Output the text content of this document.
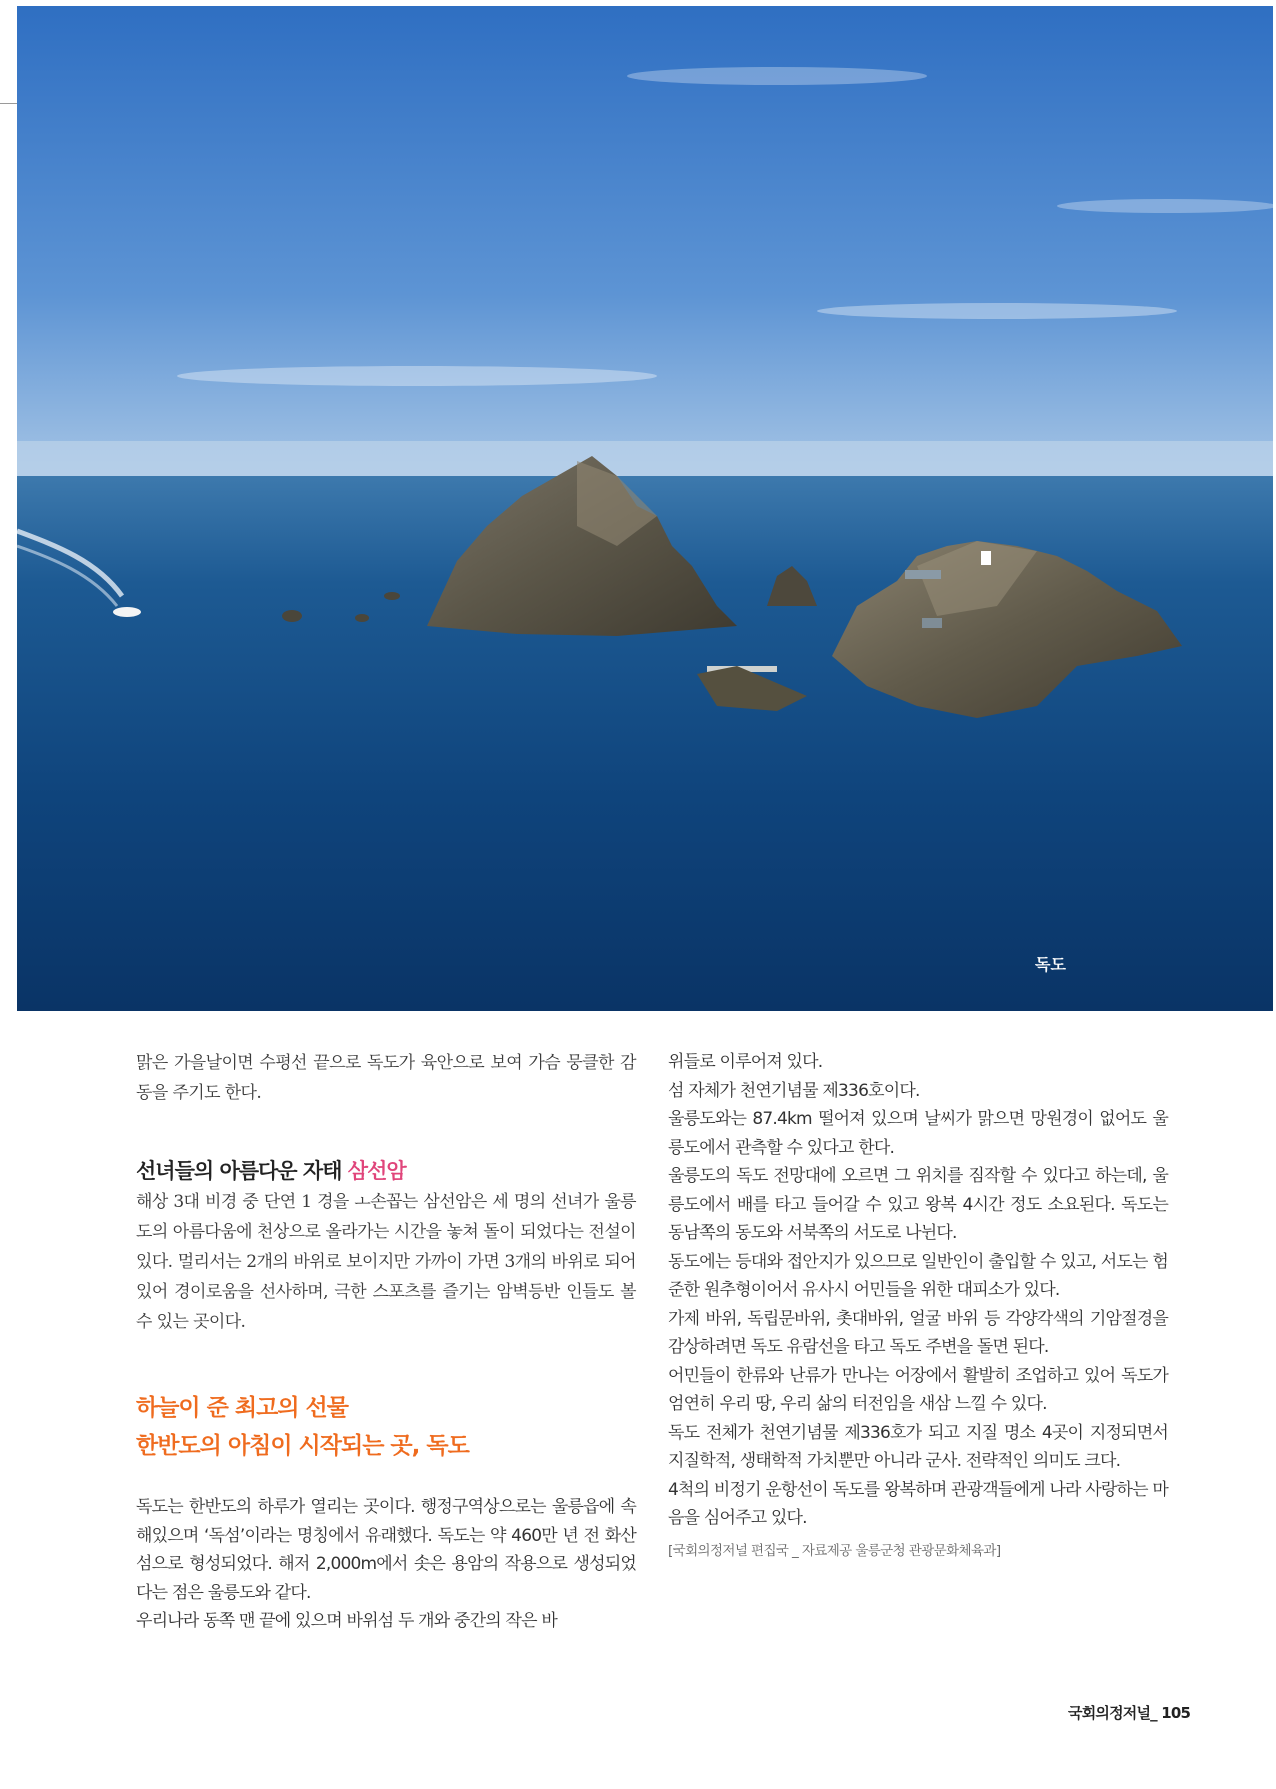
독도

맑은 가을날이면 수평선 끝으로 독도가 육안으로 보여 가슴 뭉클한 감동을 주기도 한다.

선녀들의 아름다운 자태 삼선암

해상 3대 비경 중 단연 1 경을 ㅗ손꼽는 삼선암은 세 명의 선녀가 울릉도의 아름다움에 천상으로 올라가는 시간을 놓쳐 돌이 되었다는 전설이 있다. 멀리서는 2개의 바위로 보이지만 가까이 가면 3개의 바위로 되어 있어 경이로움을 선사하며, 극한 스포츠를 즐기는 암벽등반 인들도 볼 수 있는 곳이다.

하늘이 준 최고의 선물
한반도의 아침이 시작되는 곳, 독도

독도는 한반도의 하루가 열리는 곳이다. 행정구역상으로는 울릉읍에 속해있으며 ‘독섬’이라는 명칭에서 유래했다. 독도는 약 460만 년 전 화산섬으로 형성되었다. 해저 2,000m에서 솟은 용암의 작용으로 생성되었다는 점은 울릉도와 같다.

우리나라 동쪽 맨 끝에 있으며 바위섬 두 개와 중간의 작은 바

위들로 이루어져 있다.

섬 자체가 천연기념물 제336호이다.

울릉도와는 87.4km 떨어져 있으며 날씨가 맑으면 망원경이 없어도 울릉도에서 관측할 수 있다고 한다.

울릉도의 독도 전망대에 오르면 그 위치를 짐작할 수 있다고 하는데, 울릉도에서 배를 타고 들어갈 수 있고 왕복 4시간 정도 소요된다. 독도는 동남쪽의 동도와 서북쪽의 서도로 나뉜다.

동도에는 등대와 접안지가 있으므로 일반인이 출입할 수 있고, 서도는 험준한 원추형이어서 유사시 어민들을 위한 대피소가 있다.

가제 바위, 독립문바위, 촛대바위, 얼굴 바위 등 각양각색의 기암절경을 감상하려면 독도 유람선을 타고 독도 주변을 돌면 된다.

어민들이 한류와 난류가 만나는 어장에서 활발히 조업하고 있어 독도가 엄연히 우리 땅, 우리 삶의 터전임을 새삼 느낄 수 있다.

독도 전체가 천연기념물 제336호가 되고 지질 명소 4곳이 지정되면서 지질학적, 생태학적 가치뿐만 아니라 군사. 전략적인 의미도 크다.

4척의 비정기 운항선이 독도를 왕복하며 관광객들에게 나라 사랑하는 마음을 심어주고 있다.

[국회의정저널 편집국 _ 자료제공 울릉군청 관광문화체육과]

국회의정저널_ 105
